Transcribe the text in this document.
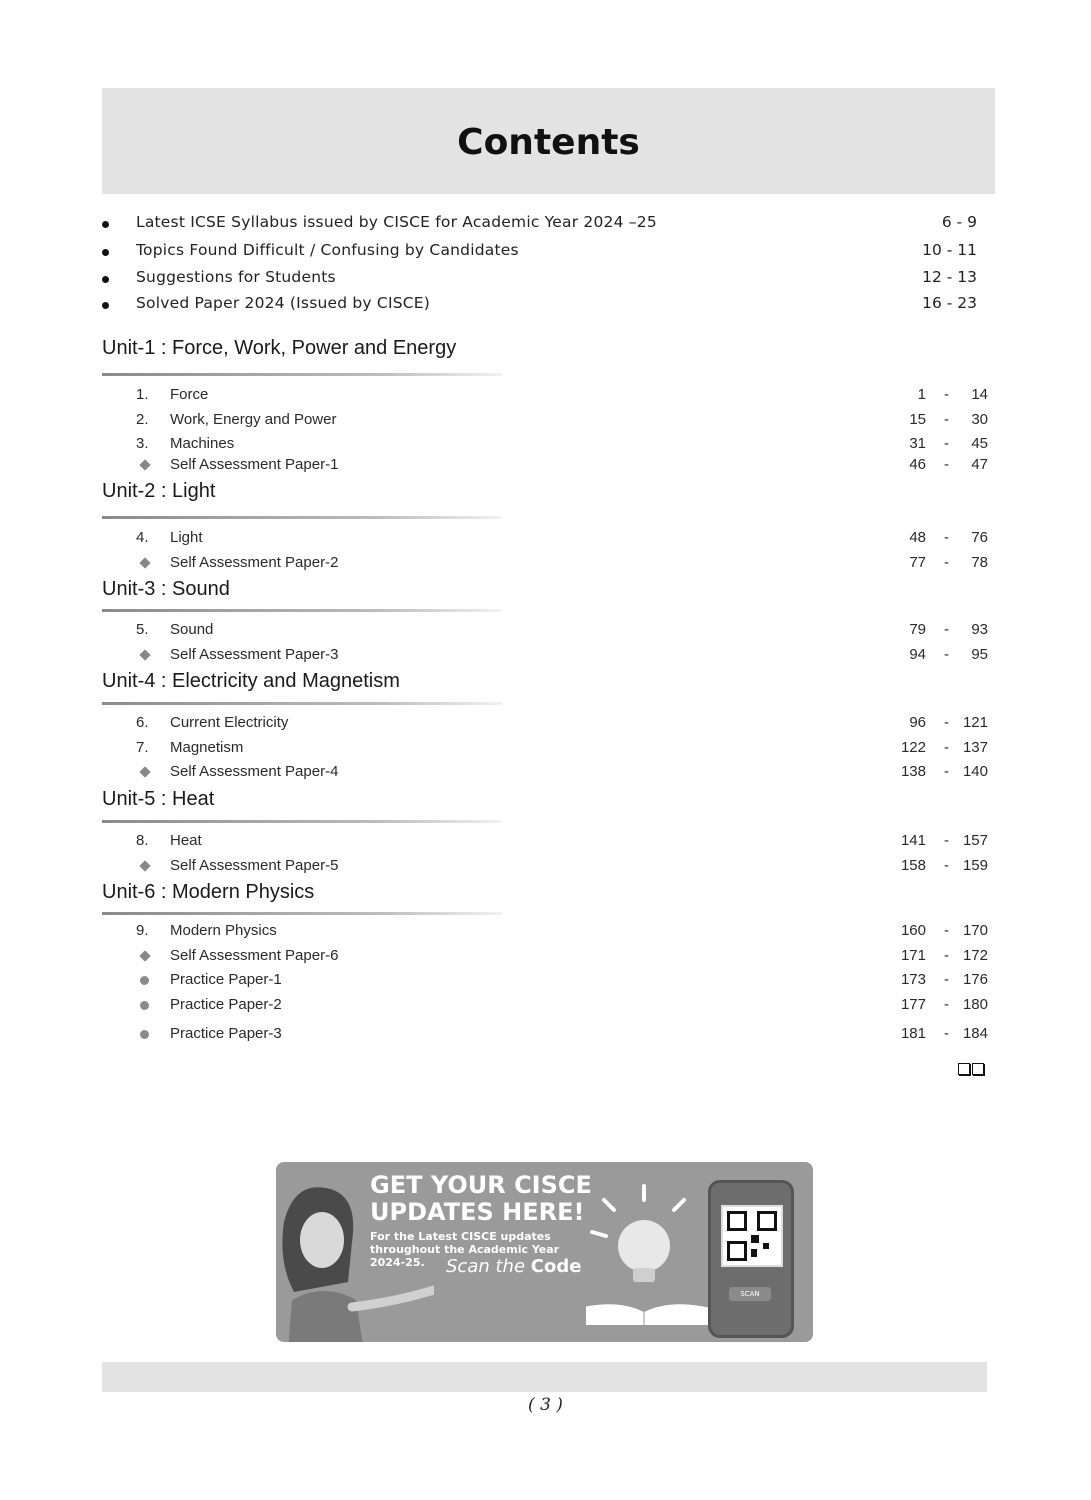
Contents
Latest ICSE Syllabus issued by CISCE for Academic Year 2024 –25	6 - 9
Topics Found Difficult / Confusing by Candidates	10 - 11
Suggestions for Students	12 - 13
Solved Paper 2024 (Issued by CISCE)	16 - 23
Unit-1 : Force, Work, Power and Energy
1. Force	1 - 14
2. Work, Energy and Power	15 - 30
3. Machines	31 - 45
Self Assessment Paper-1	46 - 47
Unit-2 : Light
4. Light	48 - 76
Self Assessment Paper-2	77 - 78
Unit-3 : Sound
5. Sound	79 - 93
Self Assessment Paper-3	94 - 95
Unit-4 : Electricity and Magnetism
6. Current Electricity	96 - 121
7. Magnetism	122 - 137
Self Assessment Paper-4	138 - 140
Unit-5 : Heat
8. Heat	141 - 157
Self Assessment Paper-5	158 - 159
Unit-6 : Modern Physics
9. Modern Physics	160 - 170
Self Assessment Paper-6	171 - 172
Practice Paper-1	173 - 176
Practice Paper-2	177 - 180
Practice Paper-3	181 - 184
GET YOUR CISCE
UPDATES HERE!
For the Latest CISCE updates throughout the Academic Year 2024-25.	Scan the Code
SCAN
( 3 )
